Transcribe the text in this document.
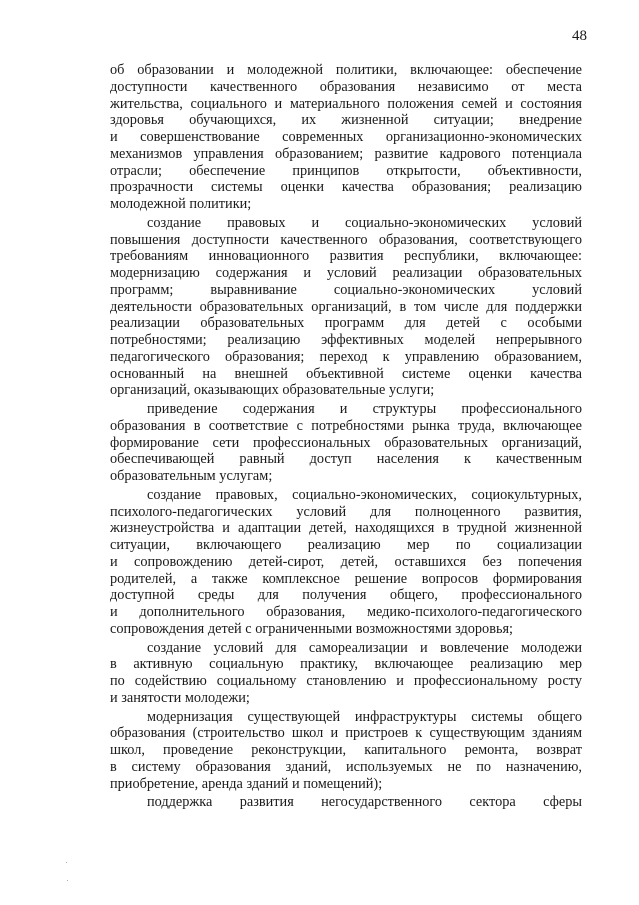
48

об образовании и молодежной политики, включающее: обеспечение
доступности качественного образования независимо от места
жительства, социального и материального положения семей и состояния
здоровья обучающихся, их жизненной ситуации; внедрение
и совершенствование современных организационно-экономических
механизмов управления образованием; развитие кадрового потенциала
отрасли; обеспечение принципов открытости, объективности,
прозрачности системы оценки качества образования; реализацию
молодежной политики;

создание правовых и социально-экономических условий
повышения доступности качественного образования, соответствующего
требованиям инновационного развития республики, включающее:
модернизацию содержания и условий реализации образовательных
программ; выравнивание социально-экономических условий
деятельности образовательных организаций, в том числе для поддержки
реализации образовательных программ для детей с особыми
потребностями; реализацию эффективных моделей непрерывного
педагогического образования; переход к управлению образованием,
основанный на внешней объективной системе оценки качества
организаций, оказывающих образовательные услуги;

приведение содержания и структуры профессионального
образования в соответствие с потребностями рынка труда, включающее
формирование сети профессиональных образовательных организаций,
обеспечивающей равный доступ населения к качественным
образовательным услугам;

создание правовых, социально-экономических, социокультурных,
психолого-педагогических условий для полноценного развития,
жизнеустройства и адаптации детей, находящихся в трудной жизненной
ситуации, включающего реализацию мер по социализации
и сопровождению детей-сирот, детей, оставшихся без попечения
родителей, а также комплексное решение вопросов формирования
доступной среды для получения общего, профессионального
и дополнительного образования, медико-психолого-педагогического
сопровождения детей с ограниченными возможностями здоровья;

создание условий для самореализации и вовлечение молодежи
в активную социальную практику, включающее реализацию мер
по содействию социальному становлению и профессиональному росту
и занятости молодежи;

модернизация существующей инфраструктуры системы общего
образования (строительство школ и пристроев к существующим зданиям
школ, проведение реконструкции, капитального ремонта, возврат
в систему образования зданий, используемых не по назначению,
приобретение, аренда зданий и помещений);

поддержка развития негосударственного сектора сферы
